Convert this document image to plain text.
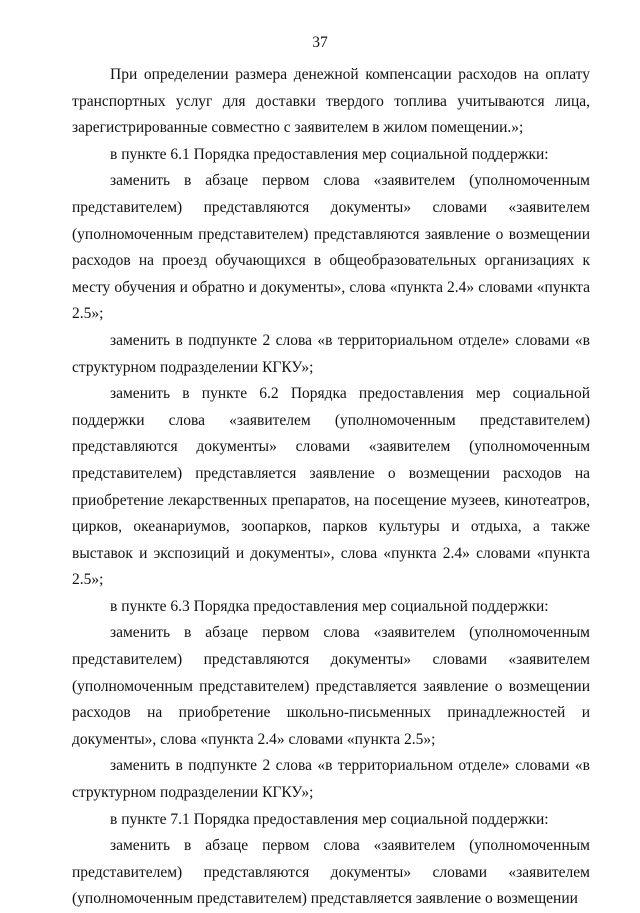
37

При определении размера денежной компенсации расходов на оплату транспортных услуг для доставки твердого топлива учитываются лица, зарегистрированные совместно с заявителем в жилом помещении.»;

в пункте 6.1 Порядка предоставления мер социальной поддержки:

заменить в абзаце первом слова «заявителем (уполномоченным представителем) представляются документы» словами «заявителем (уполномоченным представителем) представляются заявление о возмещении расходов на проезд обучающихся в общеобразовательных организациях к месту обучения и обратно и документы», слова «пункта 2.4» словами «пункта 2.5»;

заменить в подпункте 2 слова «в территориальном отделе» словами «в структурном подразделении КГКУ»;

заменить в пункте 6.2 Порядка предоставления мер социальной поддержки слова «заявителем (уполномоченным представителем) представляются документы» словами «заявителем (уполномоченным представителем) представляется заявление о возмещении расходов на приобретение лекарственных препаратов, на посещение музеев, кинотеатров, цирков, океанариумов, зоопарков, парков культуры и отдыха, а также выставок и экспозиций и документы», слова «пункта 2.4» словами «пункта 2.5»;

в пункте 6.3 Порядка предоставления мер социальной поддержки:

заменить в абзаце первом слова «заявителем (уполномоченным представителем) представляются документы» словами «заявителем (уполномоченным представителем) представляется заявление о возмещении расходов на приобретение школьно-письменных принадлежностей и документы», слова «пункта 2.4» словами «пункта 2.5»;

заменить в подпункте 2 слова «в территориальном отделе» словами «в структурном подразделении КГКУ»;

в пункте 7.1 Порядка предоставления мер социальной поддержки:

заменить в абзаце первом слова «заявителем (уполномоченным представителем) представляются документы» словами «заявителем (уполномоченным представителем) представляется заявление о возмещении
